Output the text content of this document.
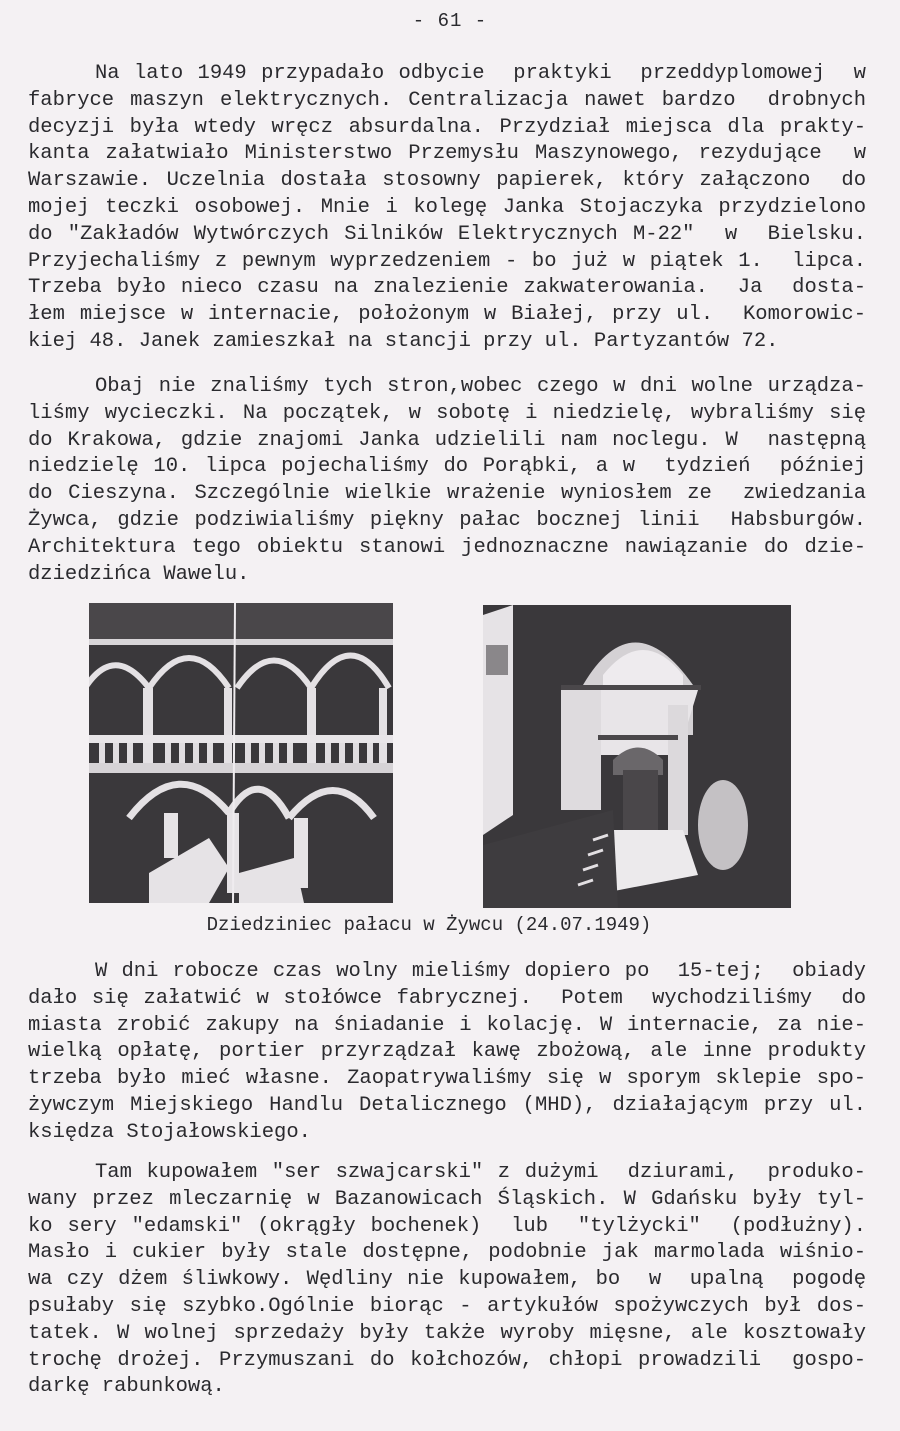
- 61 -
Na lato 1949 przypadało odbycie  praktyki  przeddyplomowej  w
fabryce maszyn elektrycznych. Centralizacja nawet bardzo  drobnych
decyzji była wtedy wręcz absurdalna. Przydział miejsca dla prakty-
kanta załatwiało Ministerstwo Przemysłu Maszynowego, rezydujące  w
Warszawie. Uczelnia dostała stosowny papierek, który załączono  do
mojej teczki osobowej. Mnie i kolegę Janka Stojaczyka przydzielono
do "Zakładów Wytwórczych Silników Elektrycznych M-22"  w  Bielsku.
Przyjechaliśmy z pewnym wyprzedzeniem - bo już w piątek 1.  lipca.
Trzeba było nieco czasu na znalezienie zakwaterowania.  Ja  dosta-
łem miejsce w internacie, położonym w Białej, przy ul.  Komorowic-
kiej 48. Janek zamieszkał na stancji przy ul. Partyzantów 72.
Obaj nie znaliśmy tych stron,wobec czego w dni wolne urządza-
liśmy wycieczki. Na początek, w sobotę i niedzielę, wybraliśmy się
do Krakowa, gdzie znajomi Janka udzielili nam noclegu. W  następną
niedzielę 10. lipca pojechaliśmy do Porąbki, a w  tydzień  później
do Cieszyna. Szczególnie wielkie wrażenie wyniosłem ze  zwiedzania
Żywca, gdzie podziwialiśmy piękny pałac bocznej linii  Habsburgów.
Architektura tego obiektu stanowi jednoznaczne nawiązanie do dzie-
dziedzińca Wawelu.
Dziedziniec pałacu w Żywcu (24.07.1949)
W dni robocze czas wolny mieliśmy dopiero po  15-tej;  obiady
dało się załatwić w stołówce fabrycznej.  Potem  wychodziliśmy  do
miasta zrobić zakupy na śniadanie i kolację. W internacie, za nie-
wielką opłatę, portier przyrządzał kawę zbożową, ale inne produkty
trzeba było mieć własne. Zaopatrywaliśmy się w sporym sklepie spo-
żywczym Miejskiego Handlu Detalicznego (MHD), działającym przy ul.
księdza Stojałowskiego.
Tam kupowałem "ser szwajcarski" z dużymi  dziurami,  produko-
wany przez mleczarnię w Bazanowicach Śląskich. W Gdańsku były tyl-
ko sery "edamski" (okrągły bochenek)  lub  "tylżycki"  (podłużny).
Masło i cukier były stale dostępne, podobnie jak marmolada wiśnio-
wa czy dżem śliwkowy. Wędliny nie kupowałem, bo  w  upalną  pogodę
psułaby się szybko.Ogólnie biorąc - artykułów spożywczych był dos-
tatek. W wolnej sprzedaży były także wyroby mięsne, ale kosztowały
trochę drożej. Przymuszani do kołchozów, chłopi prowadzili  gospo-
darkę rabunkową.
